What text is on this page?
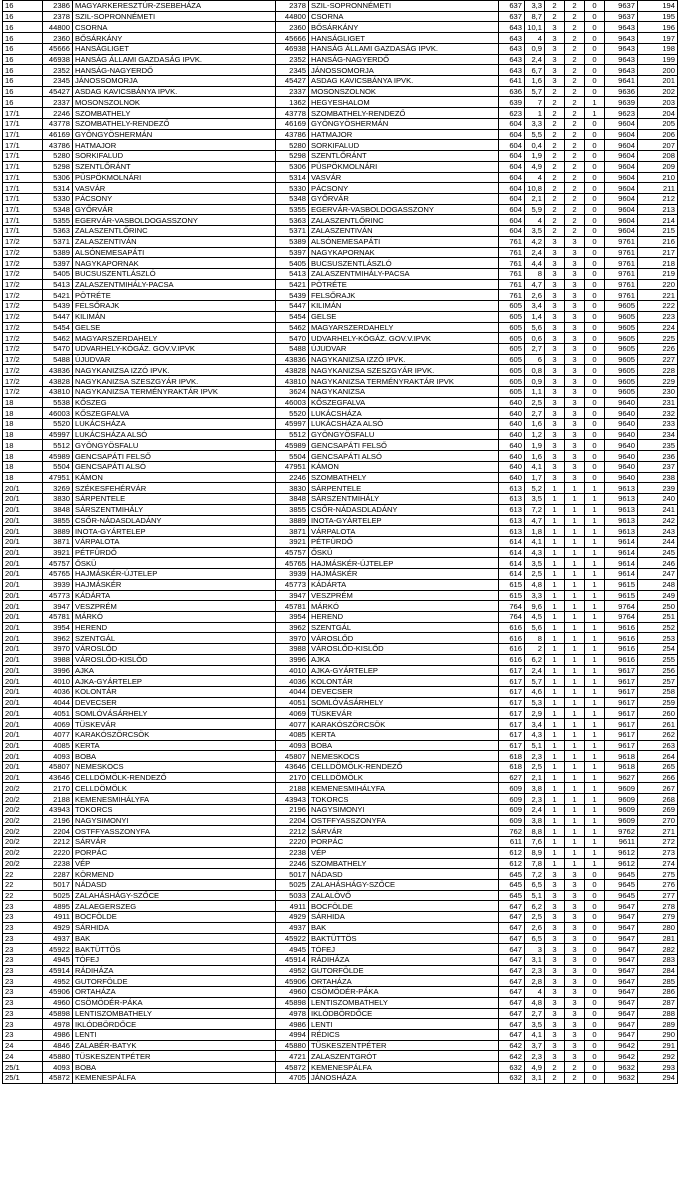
16	2386	MAGYARKERESZTÚR-ZSEBEHÁZA	2378	SZIL-SOPRONNÉMETI	637	3,3	2	2	0	9637	194
16	2378	SZIL-SOPRONNÉMETI	44800	CSORNA	637	8,7	2	2	0	9637	195
16	44800	CSORNA	2360	BŐSÁRKÁNY	643	10,1	3	2	0	9643	196
16	2360	BŐSÁRKÁNY	45666	HANSÁGLIGET	643	4	3	2	0	9643	197
16	45666	HANSÁGLIGET	46938	HANSÁG ÁLLAMI GAZDASÁG IPVK.	643	0,9	3	2	0	9643	198
16	46938	HANSÁG ÁLLAMI GAZDASÁG IPVK.	2352	HANSÁG-NAGYERDŐ	643	2,4	3	2	0	9643	199
16	2352	HANSÁG-NAGYERDŐ	2345	JÁNOSSOMORJA	643	6,7	3	2	0	9643	200
16	2345	JÁNOSSOMORJA	45427	ASDAG KAVICSBÁNYA IPVK.	641	1,6	3	2	0	9641	201
16	45427	ASDAG KAVICSBÁNYA IPVK.	2337	MOSONSZOLNOK	636	5,7	2	2	0	9636	202
16	2337	MOSONSZOLNOK	1362	HEGYESHALOM	639	7	2	2	1	9639	203
17/1	2246	SZOMBATHELY	43778	SZOMBATHELY-RENDEZŐ	623	1	2	2	1	9623	204
17/1	43778	SZOMBATHELY-RENDEZŐ	46169	GYÖNGYÖSHERMÁN	604	3,3	2	2	0	9604	205
17/1	46169	GYÖNGYÖSHERMÁN	43786	HATMAJOR	604	5,5	2	2	0	9604	206
17/1	43786	HATMAJOR	5280	SORKIFALUD	604	0,4	2	2	0	9604	207
17/1	5280	SORKIFALUD	5298	SZENTLŐRÁNT	604	1,9	2	2	0	9604	208
17/1	5298	SZENTLŐRÁNT	5306	PÜSPÖKMOLNÁRI	604	4,9	2	2	0	9604	209
17/1	5306	PÜSPÖKMOLNÁRI	5314	VASVÁR	604	4	2	2	0	9604	210
17/1	5314	VASVÁR	5330	PÁCSONY	604	10,8	2	2	0	9604	211
17/1	5330	PÁCSONY	5348	GYŐRVÁR	604	2,1	2	2	0	9604	212
17/1	5348	GYŐRVÁR	5355	EGERVÁR-VASBOLDOGASSZONY	604	5,9	2	2	0	9604	213
17/1	5355	EGERVÁR-VASBOLDOGASSZONY	5363	ZALASZENTLŐRINC	604	4	2	2	0	9604	214
17/1	5363	ZALASZENTLŐRINC	5371	ZALASZENTIVÁN	604	3,5	2	2	0	9604	215
17/2	5371	ZALASZENTIVÁN	5389	ALSÓNEMESAPÁTI	761	4,2	3	3	0	9761	216
17/2	5389	ALSÓNEMESAPÁTI	5397	NAGYKAPORNAK	761	2,4	3	3	0	9761	217
17/2	5397	NAGYKAPORNAK	5405	BUCSUSZENTLÁSZLÓ	761	4,4	3	3	0	9761	218
17/2	5405	BUCSUSZENTLÁSZLÓ	5413	ZALASZENTMIHÁLY-PACSA	761	8	3	3	0	9761	219
17/2	5413	ZALASZENTMIHÁLY-PACSA	5421	PÖTRÉTE	761	4,7	3	3	0	9761	220
17/2	5421	PÖTRÉTE	5439	FELSŐRAJK	761	2,6	3	3	0	9761	221
17/2	5439	FELSŐRAJK	5447	KILIMÁN	605	3,4	3	3	0	9605	222
17/2	5447	KILIMÁN	5454	GELSE	605	1,4	3	3	0	9605	223
17/2	5454	GELSE	5462	MAGYARSZERDAHELY	605	5,6	3	3	0	9605	224
17/2	5462	MAGYARSZERDAHELY	5470	UDVARHELY-KÓGÁZ. GOV.V.IPVK	605	0,6	3	3	0	9605	225
17/2	5470	UDVARHELY-KÓGÁZ. GOV.V.IPVK	5488	ÚJUDVAR	605	2,7	3	3	0	9605	226
17/2	5488	ÚJUDVAR	43836	NAGYKANIZSA IZZÓ IPVK.	605	6	3	3	0	9605	227
17/2	43836	NAGYKANIZSA IZZÓ IPVK.	43828	NAGYKANIZSA SZESZGYÁR IPVK.	605	0,8	3	3	0	9605	228
17/2	43828	NAGYKANIZSA SZESZGYÁR IPVK.	43810	NAGYKANIZSA TERMÉNYRAKTÁR IPVK	605	0,9	3	3	0	9605	229
17/2	43810	NAGYKANIZSA TERMÉNYRAKTÁR IPVK	3624	NAGYKANIZSA	605	1,1	3	3	0	9605	230
18	5538	KŐSZEG	46003	KŐSZEGFALVA	640	2,5	3	3	0	9640	231
18	46003	KŐSZEGFALVA	5520	LUKÁCSHÁZA	640	2,7	3	3	0	9640	232
18	5520	LUKÁCSHÁZA	45997	LUKÁCSHÁZA ALSÓ	640	1,6	3	3	0	9640	233
18	45997	LUKÁCSHÁZA ALSÓ	5512	GYÖNGYÖSFALU	640	1,2	3	3	0	9640	234
18	5512	GYÖNGYÖSFALU	45989	GENCSAPÁTI FELSŐ	640	1,9	3	3	0	9640	235
18	45989	GENCSAPÁTI FELSŐ	5504	GENCSAPÁTI ALSÓ	640	1,6	3	3	0	9640	236
18	5504	GENCSAPÁTI ALSÓ	47951	KÁMON	640	4,1	3	3	0	9640	237
18	47951	KÁMON	2246	SZOMBATHELY	640	1,7	3	3	0	9640	238
20/1	3269	SZÉKESFEHÉRVÁR	3830	SÁRPENTELE	613	5,2	1	1	1	9613	239
20/1	3830	SÁRPENTELE	3848	SÁRSZENTMIHÁLY	613	3,5	1	1	1	9613	240
20/1	3848	SÁRSZENTMIHÁLY	3855	CSŐR-NÁDASDLADÁNY	613	7,2	1	1	1	9613	241
20/1	3855	CSŐR-NÁDASDLADÁNY	3889	INOTA-GYÁRTELEP	613	4,7	1	1	1	9613	242
20/1	3889	INOTA-GYÁRTELEP	3871	VÁRPALOTA	613	1,8	1	1	1	9613	243
20/1	3871	VÁRPALOTA	3921	PÉTFÜRDŐ	614	4,1	1	1	1	9614	244
20/1	3921	PÉTFÜRDŐ	45757	ŐSKÜ	614	4,3	1	1	1	9614	245
20/1	45757	ŐSKÜ	45765	HAJMÁSKÉR-ÚJTELEP	614	3,5	1	1	1	9614	246
20/1	45765	HAJMÁSKÉR-ÚJTELEP	3939	HAJMÁSKÉR	614	2,5	1	1	1	9614	247
20/1	3939	HAJMÁSKÉR	45773	KÁDÁRTA	615	4,8	1	1	1	9615	248
20/1	45773	KÁDÁRTA	3947	VESZPRÉM	615	3,3	1	1	1	9615	249
20/1	3947	VESZPRÉM	45781	MÁRKÓ	764	9,6	1	1	1	9764	250
20/1	45781	MÁRKÓ	3954	HEREND	764	4,5	1	1	1	9764	251
20/1	3954	HEREND	3962	SZENTGÁL	616	5,6	1	1	1	9616	252
20/1	3962	SZENTGÁL	3970	VÁROSLŐD	616	8	1	1	1	9616	253
20/1	3970	VÁROSLŐD	3988	VÁROSLŐD-KISLŐD	616	2	1	1	1	9616	254
20/1	3988	VÁROSLŐD-KISLŐD	3996	AJKA	616	6,2	1	1	1	9616	255
20/1	3996	AJKA	4010	AJKA-GYÁRTELEP	617	2,4	1	1	1	9617	256
20/1	4010	AJKA-GYÁRTELEP	4036	KOLONTÁR	617	5,7	1	1	1	9617	257
20/1	4036	KOLONTÁR	4044	DEVECSER	617	4,6	1	1	1	9617	258
20/1	4044	DEVECSER	4051	SOMLÓVÁSÁRHELY	617	5,3	1	1	1	9617	259
20/1	4051	SOMLÓVÁSÁRHELY	4069	TÜSKEVÁR	617	2,9	1	1	1	9617	260
20/1	4069	TÜSKEVÁR	4077	KARAKÓSZÖRCSÖK	617	3,4	1	1	1	9617	261
20/1	4077	KARAKÓSZÖRCSÖK	4085	KERTA	617	4,3	1	1	1	9617	262
20/1	4085	KERTA	4093	BOBA	617	5,1	1	1	1	9617	263
20/1	4093	BOBA	45807	NEMESKOCS	618	2,3	1	1	1	9618	264
20/1	45807	NEMESKOCS	43646	CELLDÖMÖLK-RENDEZŐ	618	2,5	1	1	1	9618	265
20/1	43646	CELLDÖMÖLK-RENDEZŐ	2170	CELLDÖMÖLK	627	2,1	1	1	1	9627	266
20/2	2170	CELLDÖMÖLK	2188	KEMENESMIHÁLYFA	609	3,8	1	1	1	9609	267
20/2	2188	KEMENESMIHÁLYFA	43943	TOKORCS	609	2,3	1	1	1	9609	268
20/2	43943	TOKORCS	2196	NAGYSIMONYI	609	2,4	1	1	1	9609	269
20/2	2196	NAGYSIMONYI	2204	OSTFFYASSZONYFA	609	3,8	1	1	1	9609	270
20/2	2204	OSTFFYASSZONYFA	2212	SÁRVÁR	762	8,8	1	1	1	9762	271
20/2	2212	SÁRVÁR	2220	PORPÁC	611	7,6	1	1	1	9611	272
20/2	2220	PORPÁC	2238	VÉP	612	8,9	1	1	1	9612	273
20/2	2238	VÉP	2246	SZOMBATHELY	612	7,8	1	1	1	9612	274
22	2287	KÖRMEND	5017	NÁDASD	645	7,2	3	3	0	9645	275
22	5017	NÁDASD	5025	ZALAHÁSHÁGY-SZŐCE	645	6,5	3	3	0	9645	276
22	5025	ZALAHÁSHÁGY-SZŐCE	5033	ZALALÖVŐ	645	5,1	3	3	0	9645	277
23	4895	ZALAEGERSZEG	4911	BOCFÖLDE	647	6,2	3	3	0	9647	278
23	4911	BOCFÖLDE	4929	SÁRHIDA	647	2,5	3	3	0	9647	279
23	4929	SÁRHIDA	4937	BAK	647	2,6	3	3	0	9647	280
23	4937	BAK	45922	BAKTÜTTÖS	647	6,5	3	3	0	9647	281
23	45922	BAKTÜTTÖS	4945	TÓFEJ	647	3	3	3	0	9647	282
23	4945	TÓFEJ	45914	RÁDIHÁZA	647	3,1	3	3	0	9647	283
23	45914	RÁDIHÁZA	4952	GUTORFÖLDE	647	2,3	3	3	0	9647	284
23	4952	GUTORFÖLDE	45906	ORTAHÁZA	647	2,8	3	3	0	9647	285
23	45906	ORTAHÁZA	4960	CSÖMÖDÉR-PÁKA	647	4	3	3	0	9647	286
23	4960	CSÖMÖDÉR-PÁKA	45898	LENTISZOMBATHELY	647	4,8	3	3	0	9647	287
23	45898	LENTISZOMBATHELY	4978	IKLÓDBÖRDŐCE	647	2,7	3	3	0	9647	288
23	4978	IKLÓDBÖRDŐCE	4986	LENTI	647	3,5	3	3	0	9647	289
23	4986	LENTI	4994	RÉDICS	647	4,1	3	3	0	9647	290
24	4846	ZALABÉR-BATYK	45880	TÜSKESZENTPÉTER	642	3,7	3	3	0	9642	291
24	45880	TÜSKESZENTPÉTER	4721	ZALASZENTGRÓT	642	2,3	3	3	0	9642	292
25/1	4093	BOBA	45872	KEMENESPÁLFA	632	4,9	2	2	0	9632	293
25/1	45872	KEMENESPÁLFA	4705	JÁNOSHÁZA	632	3,1	2	2	0	9632	294
